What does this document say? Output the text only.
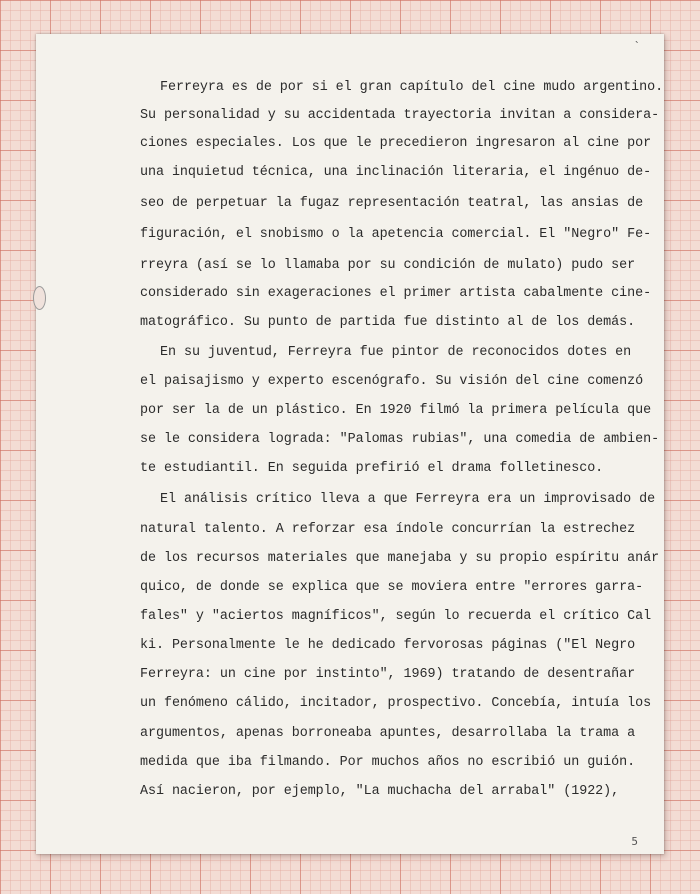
ˎ
Ferreyra es de por si el gran capítulo del cine mudo argentino.
Su personalidad y su accidentada trayectoria invitan a considera-
ciones especiales. Los que le precedieron ingresaron al cine por
una inquietud técnica, una inclinación literaria, el ingénuo de-
seo de perpetuar la fugaz representación teatral, las ansias de
figuración, el snobismo o la apetencia comercial. El "Negro" Fe-
rreyra (así se lo llamaba por su condición de mulato) pudo ser
considerado sin exageraciones el primer artista cabalmente cine-
matográfico. Su punto de partida fue distinto al de los demás.
En su juventud, Ferreyra fue pintor de reconocidos dotes en
el paisajismo y experto escenógrafo. Su visión del cine comenzó
por ser la de un plástico. En 1920 filmó la primera película que
se le considera lograda: "Palomas rubias", una comedia de ambien-
te estudiantil. En seguida prefirió el drama folletinesco.
El análisis crítico lleva a que Ferreyra era un improvisado de
natural talento. A reforzar esa índole concurrían la estrechez
de los recursos materiales que manejaba y su propio espíritu anár
quico, de donde se explica que se moviera entre "errores garra-
fales" y "aciertos magníficos", según lo recuerda el crítico Cal
ki. Personalmente le he dedicado fervorosas páginas ("El Negro
Ferreyra: un cine por instinto", 1969) tratando de desentrañar
un fenómeno cálido, incitador, prospectivo. Concebía, intuía los
argumentos, apenas borroneaba apuntes, desarrollaba la trama a
medida que iba filmando. Por muchos años no escribió un guión.
Así nacieron, por ejemplo, "La muchacha del arrabal" (1922),
5
